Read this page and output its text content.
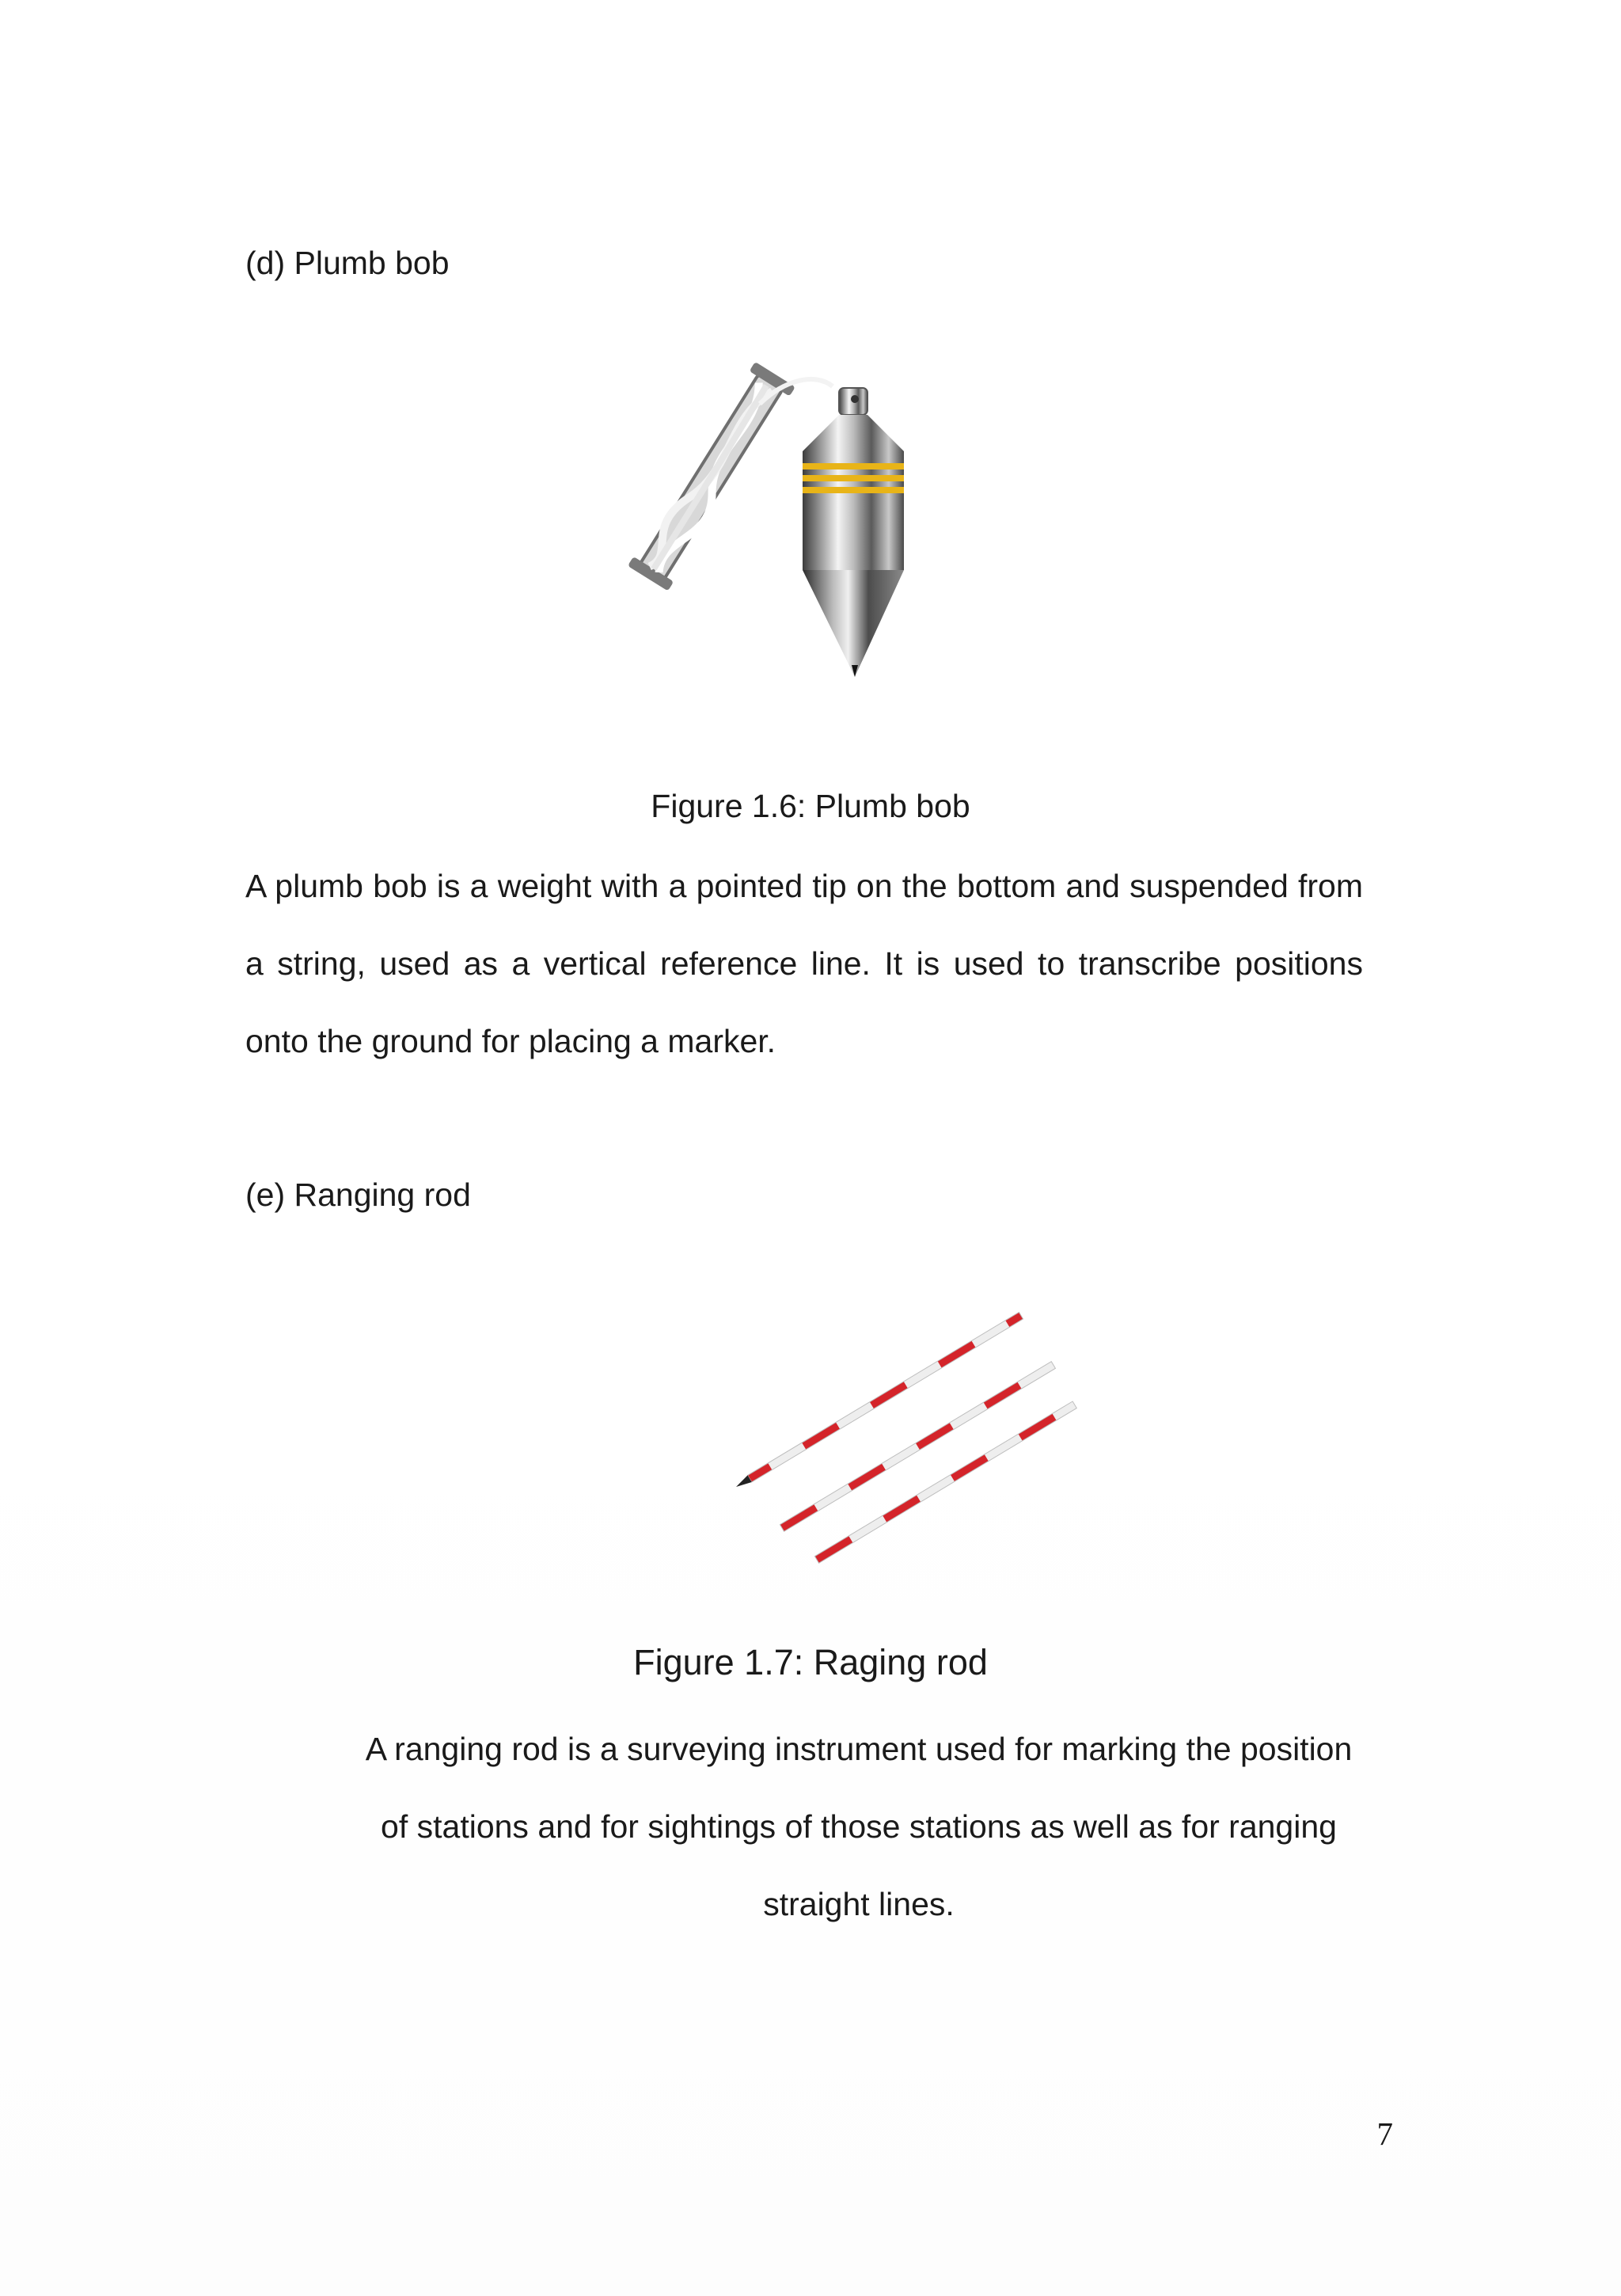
(d) Plumb bob
Figure 1.6: Plumb bob
A plumb bob is a weight with a pointed tip on the bottom and suspended from a string, used as a vertical reference line. It is used to transcribe positions onto the ground for placing a marker.
(e) Ranging rod
Figure 1.7: Raging rod
A ranging rod is a surveying instrument used for marking the position of stations and for sightings of those stations as well as for ranging straight lines.
7
